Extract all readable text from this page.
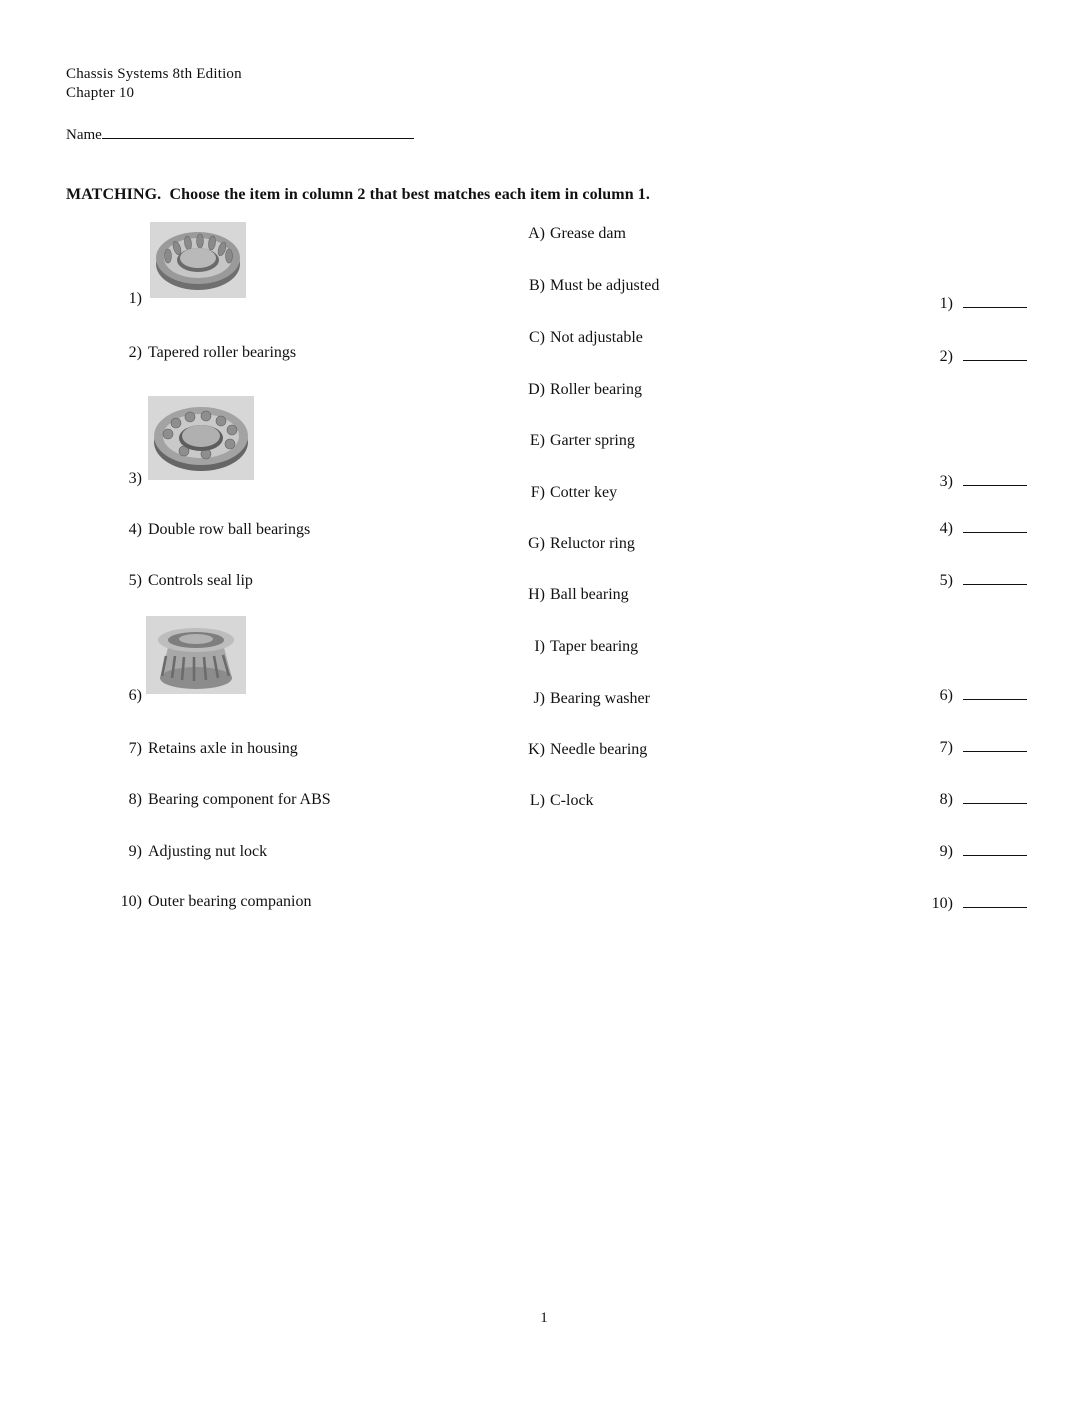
Chassis Systems 8th Edition
Chapter 10
Name
MATCHING.  Choose the item in column 2 that best matches each item in column 1.
1)
2) Tapered roller bearings
3)
4) Double row ball bearings
5) Controls seal lip
6)
7) Retains axle in housing
8) Bearing component for ABS
9) Adjusting nut lock
10) Outer bearing companion
A) Grease dam
B) Must be adjusted
C) Not adjustable
D) Roller bearing
E) Garter spring
F) Cotter key
G) Reluctor ring
H) Ball bearing
I) Taper bearing
J) Bearing washer
K) Needle bearing
L) C-lock
1)
2)
3)
4)
5)
6)
7)
8)
9)
10)
1
